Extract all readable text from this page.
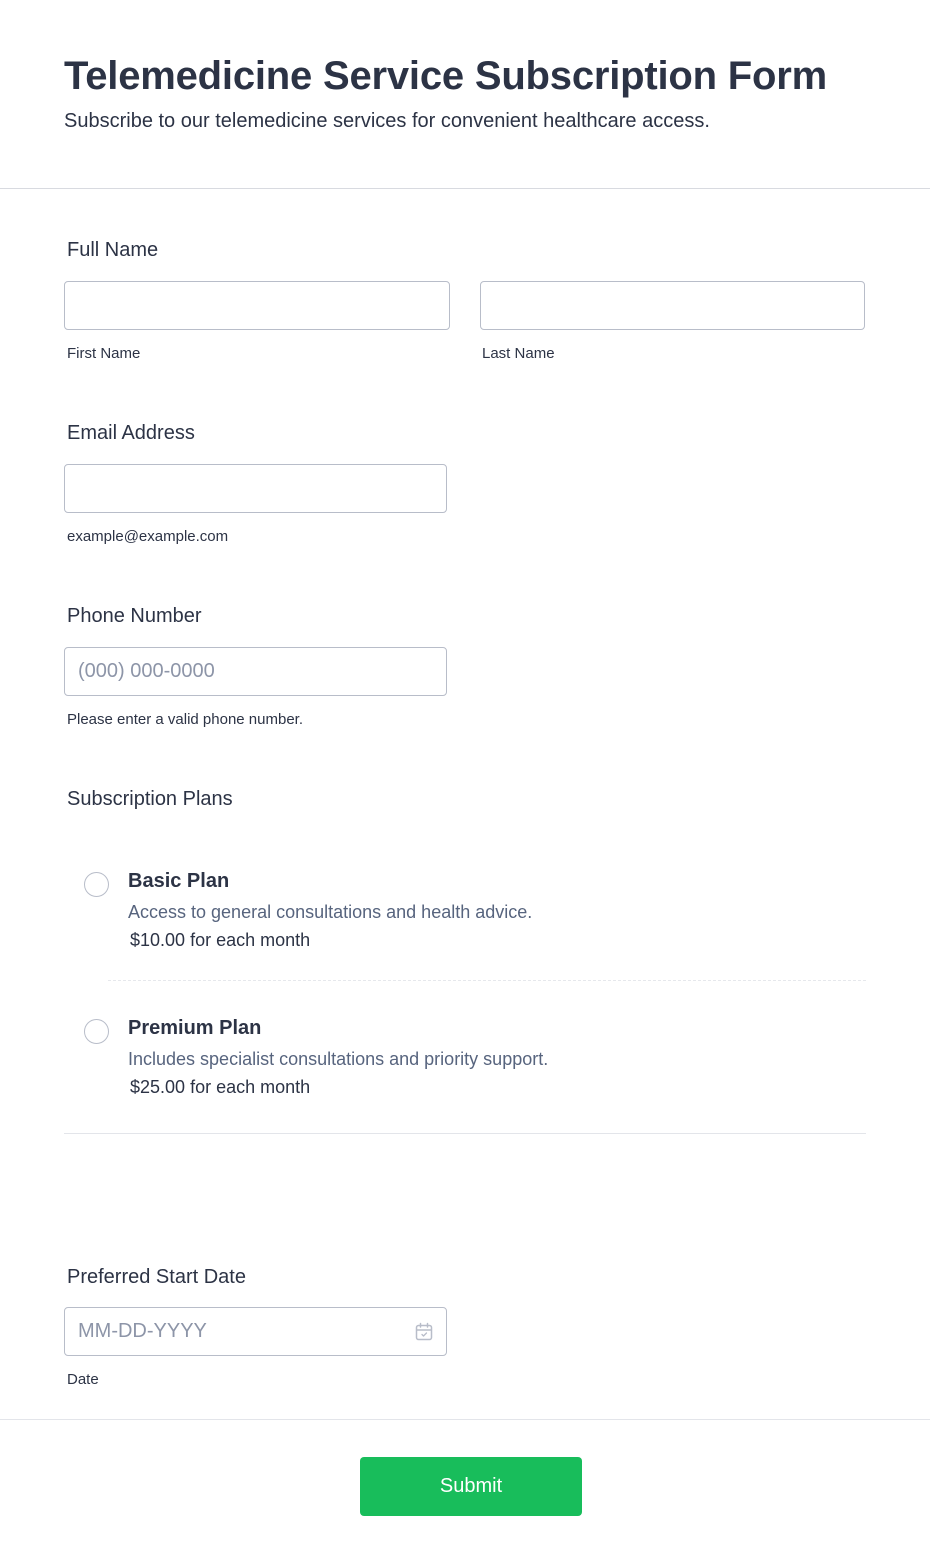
Telemedicine Service Subscription Form

Subscribe to our telemedicine services for convenient healthcare access.

Full Name
First Name	Last Name
Email Address
example@example.com
Phone Number
(000) 000-0000
Please enter a valid phone number.
Subscription Plans
Basic Plan
Access to general consultations and health advice.
$10.00 for each month
Premium Plan
Includes specialist consultations and priority support.
$25.00 for each month
Preferred Start Date
MM-DD-YYYY
Date
Submit
